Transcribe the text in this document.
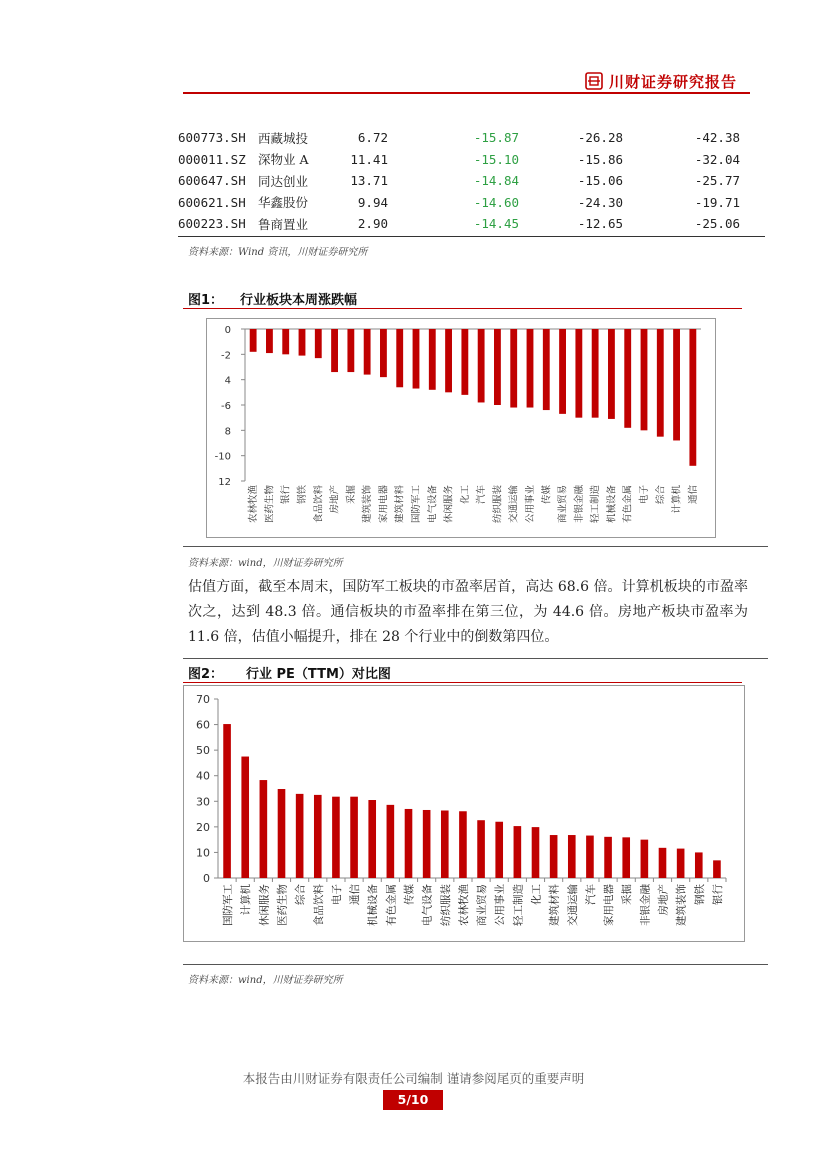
川财证券研究报告
600773.SH	西藏城投	6.72	-15.87	-26.28	-42.38
000011.SZ	深物业 A	11.41	-15.10	-15.86	-32.04
600647.SH	同达创业	13.71	-14.84	-15.06	-25.77
600621.SH	华鑫股份	9.94	-14.60	-24.30	-19.71
600223.SH	鲁商置业	2.90	-14.45	-12.65	-25.06
资料来源：Wind 资讯，川财证券研究所
图1： 行业板块本周涨跌幅
0
-2
4
-6
8
-10
12
农林牧渔 医药生物 银行 钢铁 食品饮料 房地产 采掘 建筑装饰 家用电器 建筑材料 国防军工 电气设备 休闲服务 化工 汽车 纺织服装 交通运输 公用事业 传媒 商业贸易 非银金融 轻工制造 机械设备 有色金属 电子 综合 计算机 通信
资料来源：wind，川财证券研究所
估值方面，截至本周末，国防军工板块的市盈率居首，高达 68.6 倍。计算机板块的市盈率次之，达到 48.3 倍。通信板块的市盈率排在第三位，为 44.6 倍。房地产板块市盈率为 11.6 倍，估值小幅提升，排在 28 个行业中的倒数第四位。
图2： 行业 PE（TTM）对比图
0
10
20
30
40
50
60
70
国防军工 计算机 休闲服务 医药生物 综合 食品饮料 电子 通信 机械设备 有色金属 传媒 电气设备 纺织服装 农林牧渔 商业贸易 公用事业 轻工制造 化工 建筑材料 交通运输 汽车 家用电器 采掘 非银金融 房地产 建筑装饰 钢铁 银行
资料来源：wind，川财证券研究所
本报告由川财证券有限责任公司编制 谨请参阅尾页的重要声明
5/10
